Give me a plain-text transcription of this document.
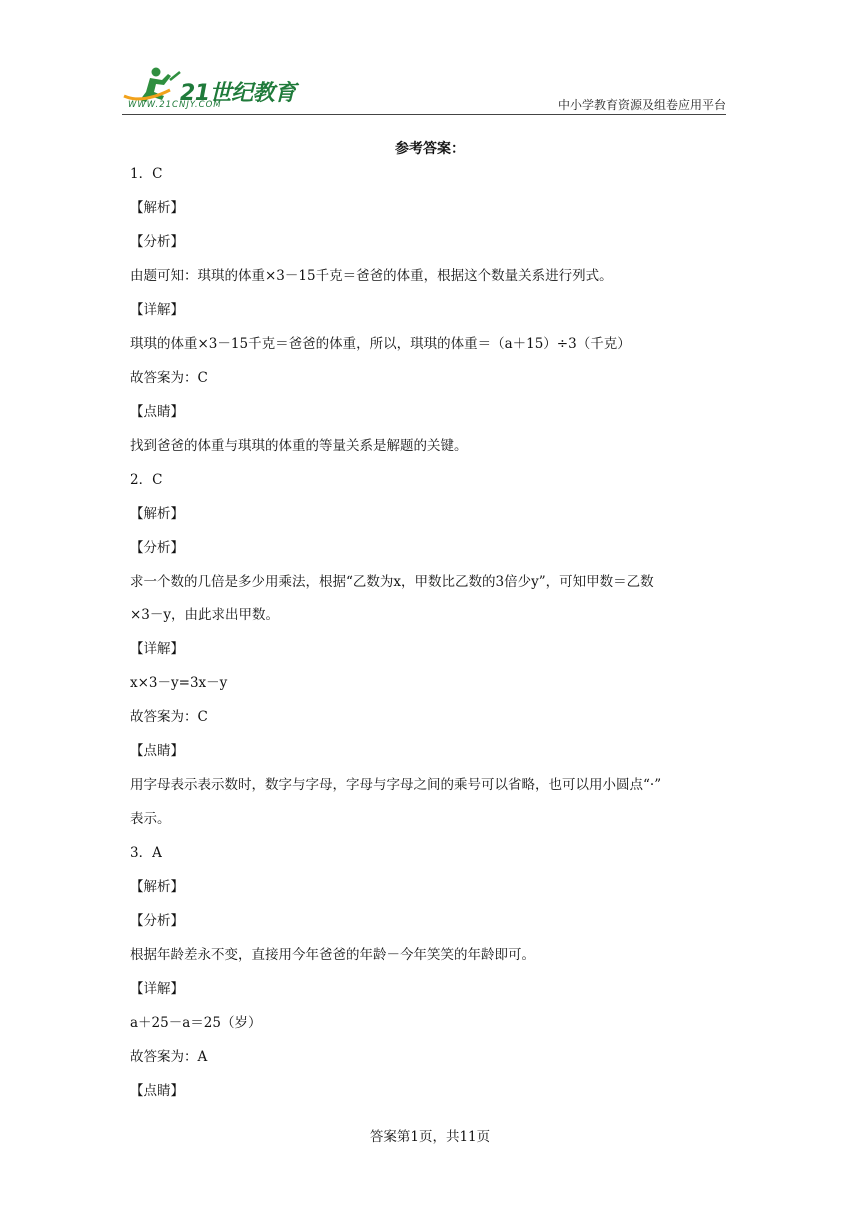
21世纪教育
WWW.21CNJY.COM	中小学教育资源及组卷应用平台
参考答案：

1．C

【解析】

【分析】

由题可知：琪琪的体重×3－15千克＝爸爸的体重，根据这个数量关系进行列式。

【详解】

琪琪的体重×3－15千克＝爸爸的体重，所以，琪琪的体重＝（a＋15）÷3（千克）

故答案为：C

【点睛】

找到爸爸的体重与琪琪的体重的等量关系是解题的关键。

2．C

【解析】

【分析】

求一个数的几倍是多少用乘法，根据“乙数为x，甲数比乙数的3倍少y”，可知甲数＝乙数

×3－y，由此求出甲数。

【详解】

x×3－y=3x－y

故答案为：C

【点睛】

用字母表示表示数时，数字与字母，字母与字母之间的乘号可以省略，也可以用小圆点“·”

表示。

3．A

【解析】

【分析】

根据年龄差永不变，直接用今年爸爸的年龄－今年笑笑的年龄即可。

【详解】

a＋25－a＝25（岁）

故答案为：A

【点睛】

答案第1页，共11页
